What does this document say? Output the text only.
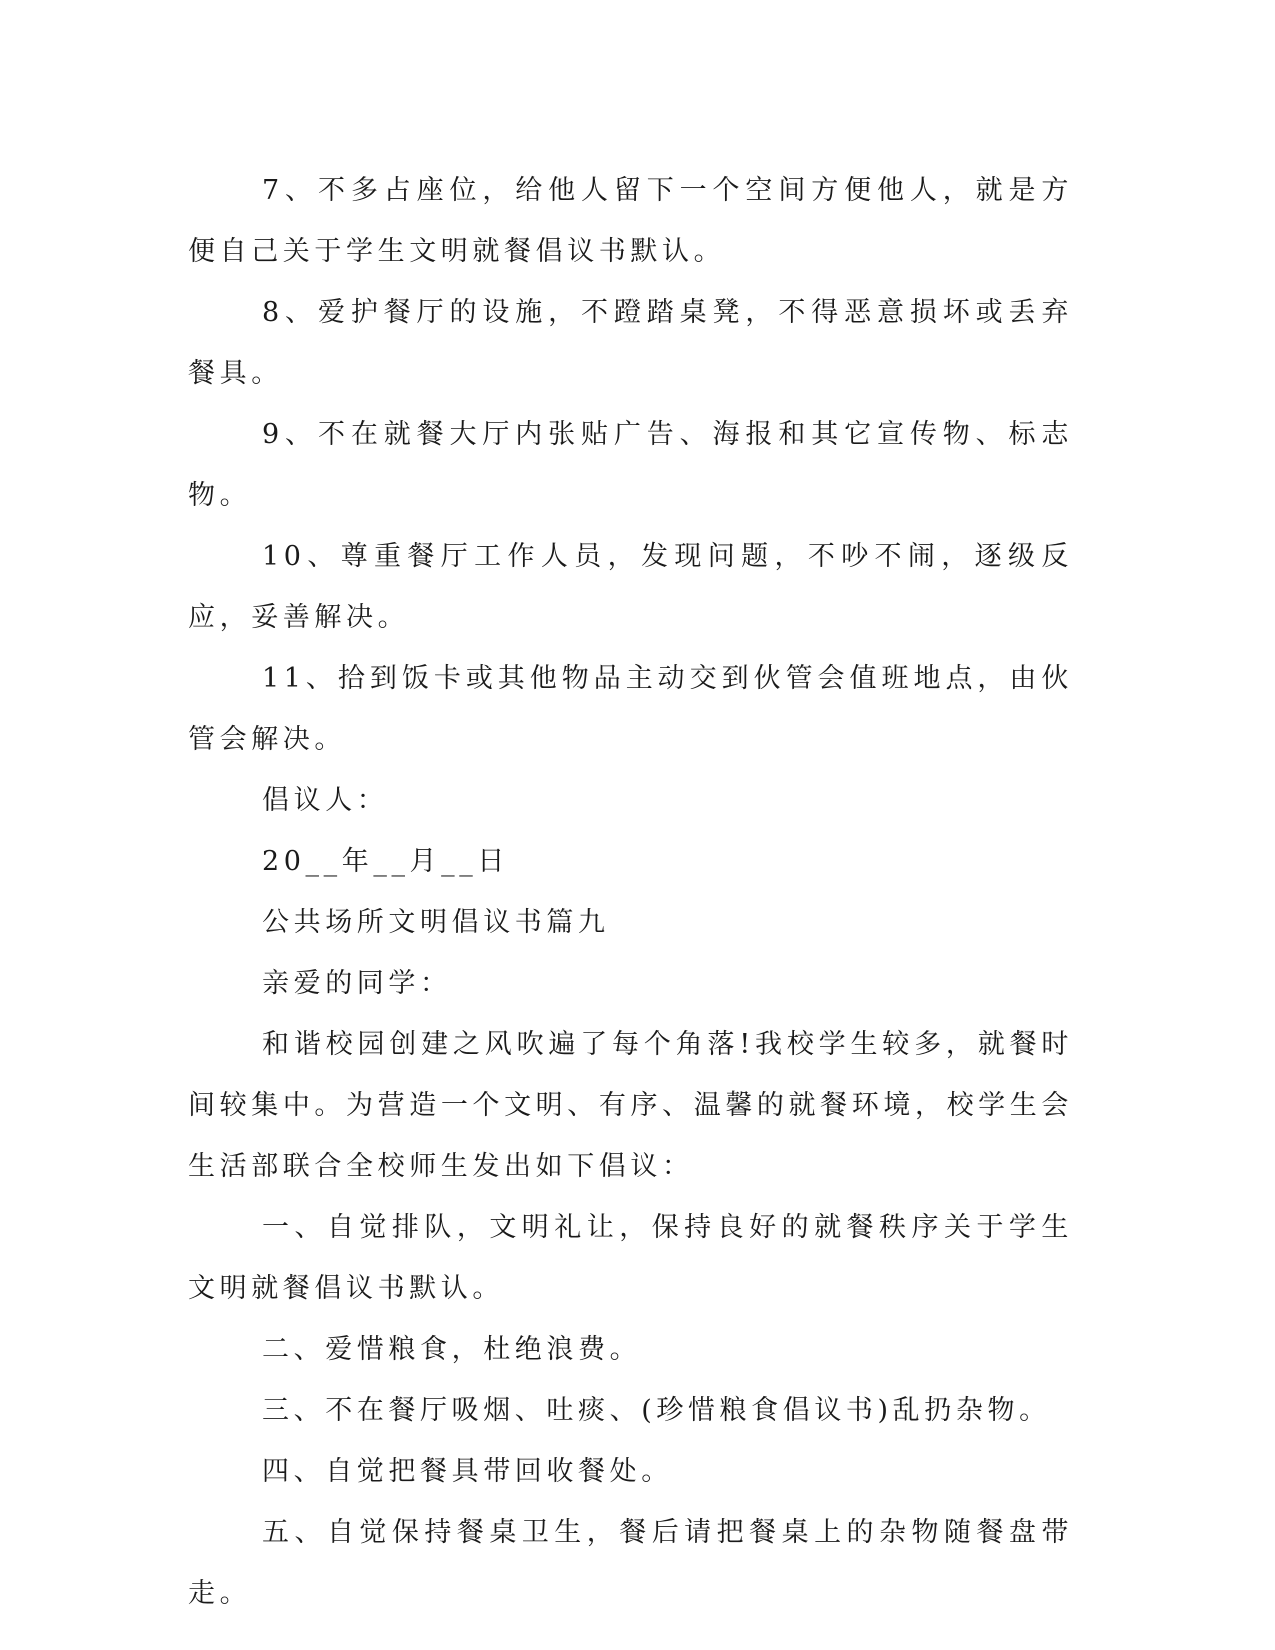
7、不多占座位，给他人留下一个空间方便他人，就是方便自己关于学生文明就餐倡议书默认。

8、爱护餐厅的设施，不蹬踏桌凳，不得恶意损坏或丢弃餐具。

9、不在就餐大厅内张贴广告、海报和其它宣传物、标志物。

10、尊重餐厅工作人员，发现问题，不吵不闹，逐级反应，妥善解决。

11、拾到饭卡或其他物品主动交到伙管会值班地点，由伙管会解决。

倡议人：

20__年__月__日

公共场所文明倡议书篇九

亲爱的同学：

和谐校园创建之风吹遍了每个角落!我校学生较多，就餐时间较集中。为营造一个文明、有序、温馨的就餐环境，校学生会生活部联合全校师生发出如下倡议：

一、自觉排队，文明礼让，保持良好的就餐秩序关于学生文明就餐倡议书默认。

二、爱惜粮食，杜绝浪费。

三、不在餐厅吸烟、吐痰、(珍惜粮食倡议书)乱扔杂物。

四、自觉把餐具带回收餐处。

五、自觉保持餐桌卫生，餐后请把餐桌上的杂物随餐盘带走。
